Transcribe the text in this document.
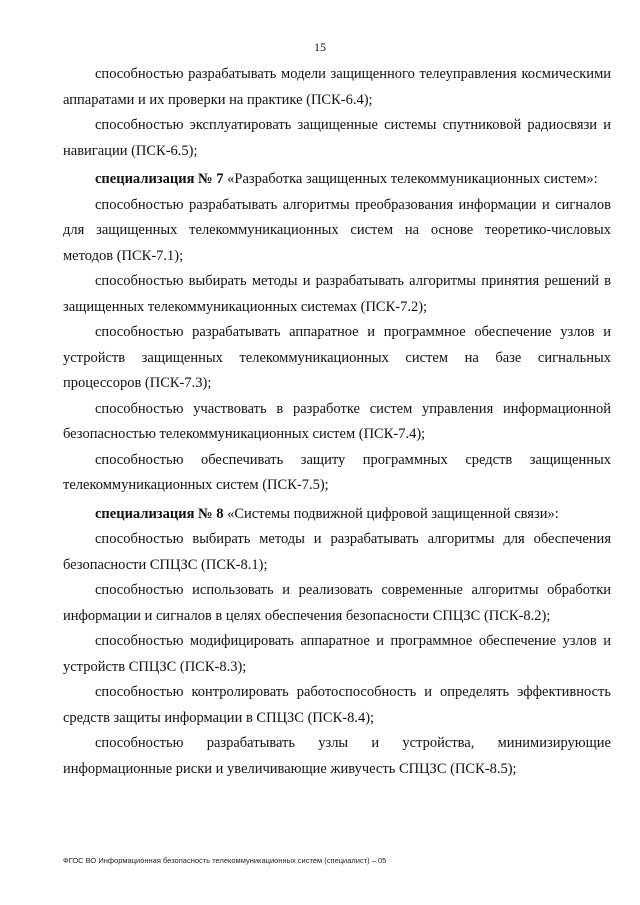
15

способностью разрабатывать модели защищенного телеуправления космическими аппаратами и их проверки на практике (ПСК-6.4);

способностью эксплуатировать защищенные системы спутниковой радиосвязи и навигации (ПСК-6.5);

специализация № 7 «Разработка защищенных телекоммуникационных систем»:

способностью разрабатывать алгоритмы преобразования информации и сигналов для защищенных телекоммуникационных систем на основе теоретико-числовых методов (ПСК-7.1);

способностью выбирать методы и разрабатывать алгоритмы принятия решений в защищенных телекоммуникационных системах (ПСК-7.2);

способностью разрабатывать аппаратное и программное обеспечение узлов и устройств защищенных телекоммуникационных систем на базе сигнальных процессоров (ПСК-7.3);

способностью участвовать в разработке систем управления информационной безопасностью телекоммуникационных систем (ПСК-7.4);

способностью обеспечивать защиту программных средств защищенных телекоммуникационных систем (ПСК-7.5);

специализация № 8 «Системы подвижной цифровой защищенной связи»:

способностью выбирать методы и разрабатывать алгоритмы для обеспечения безопасности СПЦЗС (ПСК-8.1);

способностью использовать и реализовать современные алгоритмы обработки информации и сигналов в целях обеспечения безопасности СПЦЗС (ПСК-8.2);

способностью модифицировать аппаратное и программное обеспечение узлов и устройств СПЦЗС (ПСК-8.3);

способностью контролировать работоспособность и определять эффективность средств защиты информации в СПЦЗС (ПСК-8.4);

способностью разрабатывать узлы и устройства, минимизирующие информационные риски и увеличивающие живучесть СПЦЗС (ПСК-8.5);

ФГОС ВО Информационная безопасность телекоммуникационных систем (специалист) – 05
